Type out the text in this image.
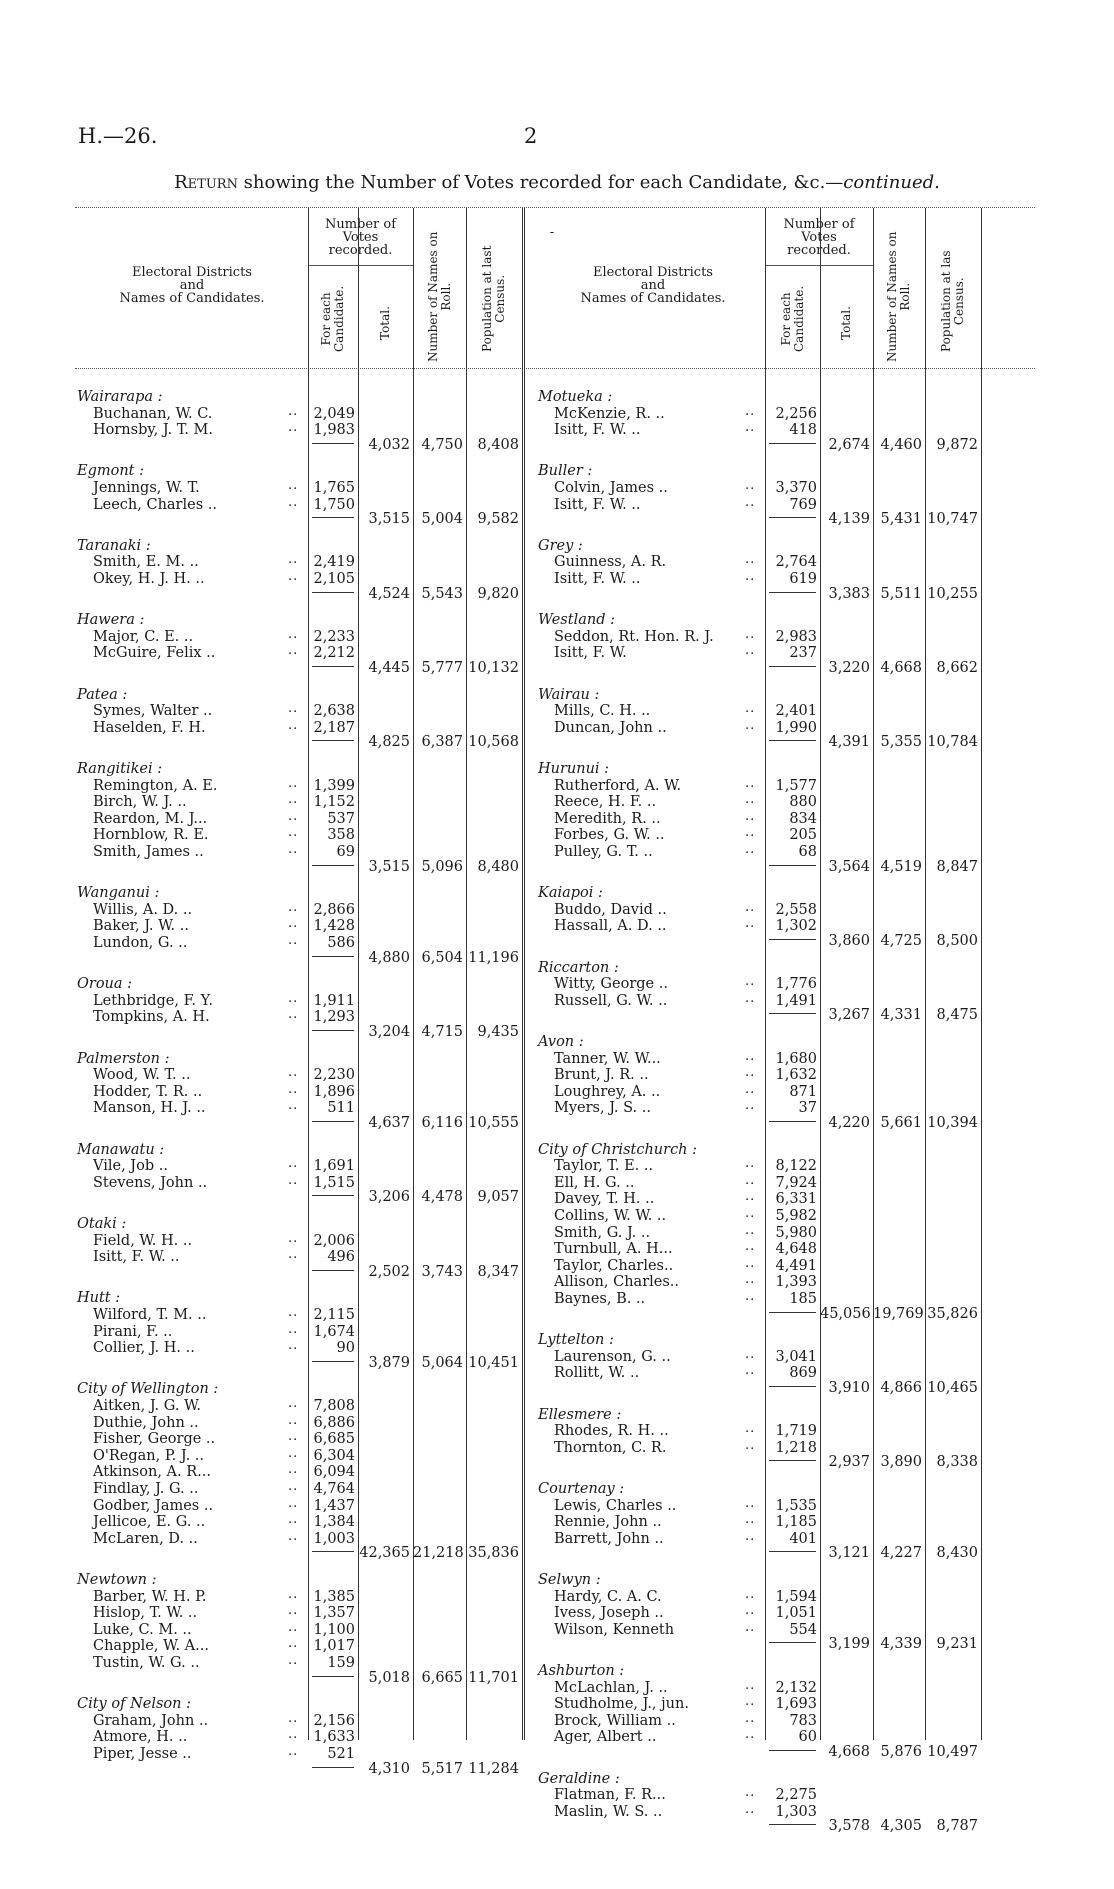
H.—26.	2
Return showing the Number of Votes recorded for each Candidate, &c.—continued.
Electoral Districts
and
Names of Candidates.
Number of
Votes
recorded.
For each Candidate.	Total.	Number of Names on Roll. Population at last Census.
Wairarapa :
Buchanan, W. C.	..	2,049
Hornsby, J. T. M.	..	1,983
4,032 4,750 8,408
Egmont :
Jennings, W. T.	..	1,765
Leech, Charles ..	..	1,750
3,515 5,004 9,582
Taranaki :
Smith, E. M. ..	..	2,419
Okey, H. J. H. ..	..	2,105
4,524 5,543 9,820
Hawera :
Major, C. E. ..	..	2,233
McGuire, Felix ..	..	2,212
4,445 5,777 10,132
Patea :
Symes, Walter ..	..	2,638
Haselden, F. H.	..	2,187
4,825 6,387 10,568
Rangitikei :
Remington, A. E.	..	1,399
Birch, W. J. ..	..	1,152
Reardon, M. J...	..	537
Hornblow, R. E.	..	358
Smith, James ..	..	69
3,515 5,096 8,480
Wanganui :
Willis, A. D. ..	..	2,866
Baker, J. W. ..	..	1,428
Lundon, G. ..	..	586
4,880 6,504 11,196
Oroua :
Lethbridge, F. Y.	..	1,911
Tompkins, A. H.	..	1,293
3,204 4,715 9,435
Palmerston :
Wood, W. T. ..	..	2,230
Hodder, T. R. ..	..	1,896
Manson, H. J. ..	..	511
4,637 6,116 10,555
Manawatu :
Vile, Job ..	..	1,691
Stevens, John ..	..	1,515
3,206 4,478 9,057
Otaki :
Field, W. H. ..	..	2,006
Isitt, F. W. ..	..	496
2,502 3,743 8,347
Hutt :
Wilford, T. M. ..	..	2,115
Pirani, F. ..	..	1,674
Collier, J. H. ..	..	90
3,879 5,064 10,451
City of Wellington :
Aitken, J. G. W.	..	7,808
Duthie, John ..	..	6,886
Fisher, George ..	..	6,685
O'Regan, P. J. ..	..	6,304
Atkinson, A. R...	..	6,094
Findlay, J. G. ..	..	4,764
Godber, James ..	..	1,437
Jellicoe, E. G. ..	..	1,384
McLaren, D. ..	..	1,003
42,365 21,218 35,836
Newtown :
Barber, W. H. P.	..	1,385
Hislop, T. W. ..	..	1,357
Luke, C. M. ..	..	1,100
Chapple, W. A...	..	1,017
Tustin, W. G. ..	..	159
5,018 6,665 11,701
City of Nelson :
Graham, John ..	..	2,156
Atmore, H. ..	..	1,633
Piper, Jesse ..	..	521
4,310 5,517 11,284
Electoral Districts
and
Names of Candidates.
-
Number of
Votes
recorded.
For each Candidate.	Total.	Number of Names on Roll. Population at las Census.
Motueka :
McKenzie, R. ..	..	2,256
Isitt, F. W. ..	..	418
2,674 4,460 9,872
Buller :
Colvin, James ..	..	3,370
Isitt, F. W. ..	..	769
4,139 5,431 10,747
Grey :
Guinness, A. R.	..	2,764
Isitt, F. W. ..	..	619
3,383 5,511 10,255
Westland :
Seddon, Rt. Hon. R. J. ..	2,983
Isitt, F. W.	..	237
3,220 4,668 8,662
Wairau :
Mills, C. H. ..	..	2,401
Duncan, John ..	..	1,990
4,391 5,355 10,784
Hurunui :
Rutherford, A. W.	..	1,577
Reece, H. F. ..	..	880
Meredith, R. ..	..	834
Forbes, G. W. ..	..	205
Pulley, G. T. ..	..	68
3,564 4,519 8,847
Kaiapoi :
Buddo, David ..	..	2,558
Hassall, A. D. ..	..	1,302
3,860 4,725 8,500
Riccarton :
Witty, George ..	..	1,776
Russell, G. W. ..	..	1,491
3,267 4,331 8,475
Avon :
Tanner, W. W...	..	1,680
Brunt, J. R. ..	..	1,632
Loughrey, A. ..	..	871
Myers, J. S. ..	..	37
4,220 5,661 10,394
City of Christchurch :
Taylor, T. E. ..	..	8,122
Ell, H. G. ..	..	7,924
Davey, T. H. ..	..	6,331
Collins, W. W. ..	..	5,982
Smith, G. J. ..	..	5,980
Turnbull, A. H...	..	4,648
Taylor, Charles..	..	4,491
Allison, Charles..	..	1,393
Baynes, B. ..	..	185
45,056 19,769 35,826
Lyttelton :
Laurenson, G. ..	..	3,041
Rollitt, W. ..	..	869
3,910 4,866 10,465
Ellesmere :
Rhodes, R. H. ..	..	1,719
Thornton, C. R.	..	1,218
2,937 3,890 8,338
Courtenay :
Lewis, Charles ..	..	1,535
Rennie, John ..	..	1,185
Barrett, John ..	..	401
3,121 4,227 8,430
Selwyn :
Hardy, C. A. C.	..	1,594
Ivess, Joseph ..	..	1,051
Wilson, Kenneth	..	554
3,199 4,339 9,231
Ashburton :
McLachlan, J. ..	..	2,132
Studholme, J., jun.	..	1,693
Brock, William ..	..	783
Ager, Albert ..	..	60
4,668 5,876 10,497
Geraldine :
Flatman, F. R...	..	2,275
Maslin, W. S. ..	..	1,303
3,578 4,305 8,787
